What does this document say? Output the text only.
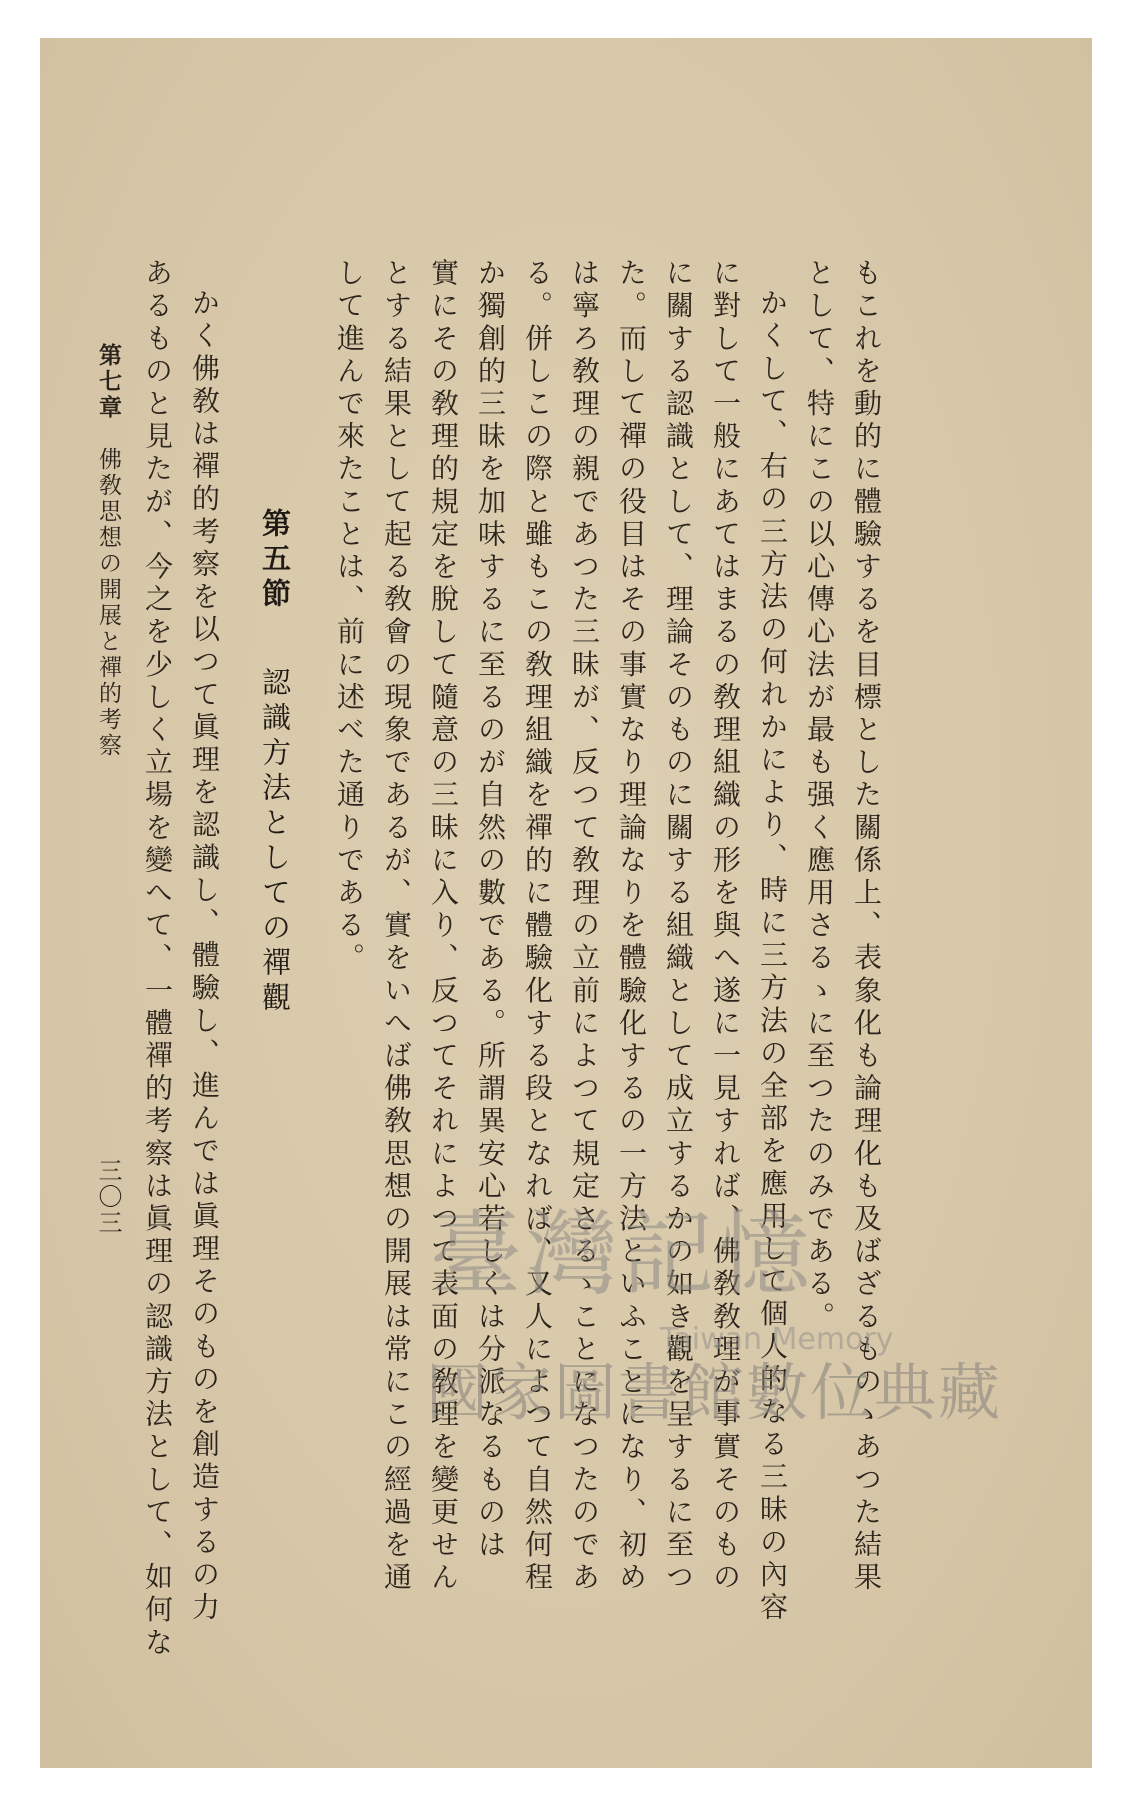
もこれを動的に體驗するを目標とした關係上、表象化も論理化も及ばざるものゝあつた結果
として、特にこの以心傳心法が最も强く應用さるゝに至つたのみである。
かくして、右の三方法の何れかにより、時に三方法の全部を應用して個人的なる三昧の內容
に對して一般にあてはまるの敎理組織の形を與へ遂に一見すれば、佛敎敎理が事實そのもの
に關する認識として、理論そのものに關する組織として成立するかの如き觀を呈するに至つ
た。而して禪の役目はその事實なり理論なりを體驗化するの一方法といふことになり、初め
は寧ろ敎理の親であつた三昧が、反つて敎理の立前によつて規定さるゝことになつたのであ
る。併しこの際と雖もこの敎理組織を禪的に體驗化する段となれば、又人によつて自然何程
か獨創的三昧を加味するに至るのが自然の數である。所謂異安心若しくは分派なるものは
實にその敎理的規定を脫して隨意の三昧に入り、反つてそれによつて表面の敎理を變更せん
とする結果として起る敎會の現象であるが、實をいへば佛敎思想の開展は常にこの經過を通
して進んで來たことは、前に述べた通りである。
第五節認識方法としての禪觀
かく佛敎は禪的考察を以つて眞理を認識し、體驗し、進んでは眞理そのものを創造するの力
あるものと見たが、今之を少しく立場を變へて、一體禪的考察は眞理の認識方法として、如何な
第七章佛敎思想の開展と禪的考察
三〇三
臺灣記憶
Taiwan Memory
國家圖書館數位典藏
